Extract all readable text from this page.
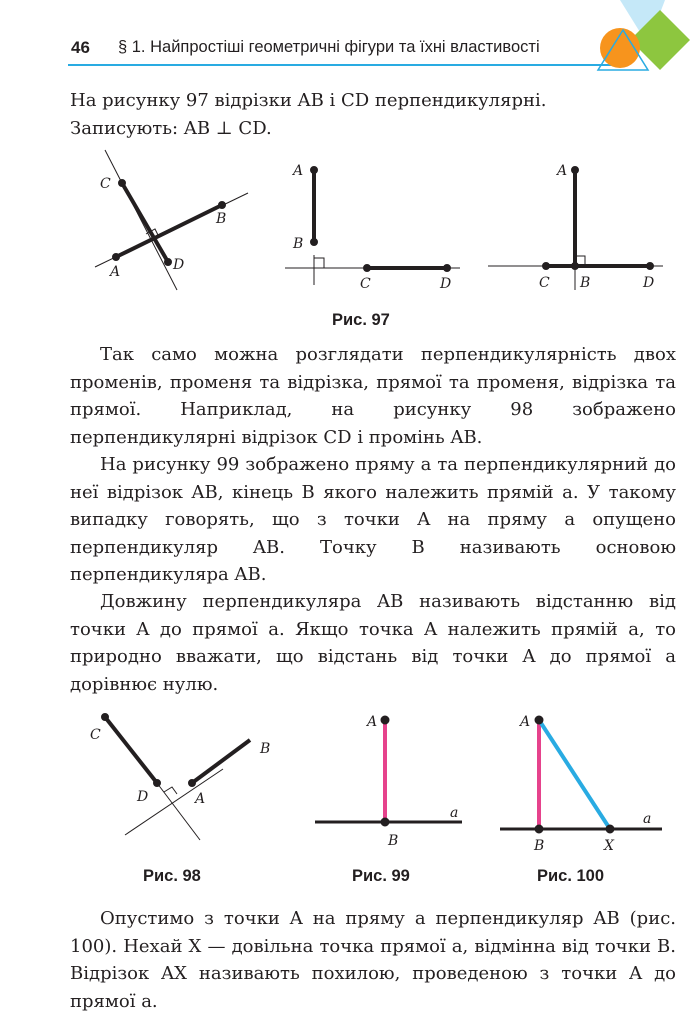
46 § 1. Найпростіші геометричні фігури та їхні властивості

На рисунку 97 відрізки AB і CD перпендикулярні.
Записують: AB ⊥ CD.

C
B
A	D
A
B
C	D
A
C B	D
Рис. 97

Так само можна розглядати перпендикулярність двох променів, променя та відрізка, прямої та променя, відрізка та прямої. Наприклад, на рисунку 98 зображено перпендикулярні відрізок CD і промінь AB.

На рисунку 99 зображено пряму a та перпендикулярний до неї відрізок AB, кінець B якого належить прямій a. У такому випадку говорять, що з точки A на пряму a опущено перпендикуляр AB. Точку B називають основою перпендикуляра AB.

Довжину перпендикуляра AB називають відстанню від точки A до прямої a. Якщо точка A належить прямій a, то природно вважати, що відстань від точки A до прямої a дорівнює нулю.

C
B
D	A
A
B
a
A
B	X
a
Рис. 98	Рис. 99	Рис. 100

Опустимо з точки A на пряму a перпендикуляр AB (рис. 100). Нехай X — довільна точка прямої a, відмінна від точки B. Відрізок AX називають похилою, проведеною з точки A до прямої a.
